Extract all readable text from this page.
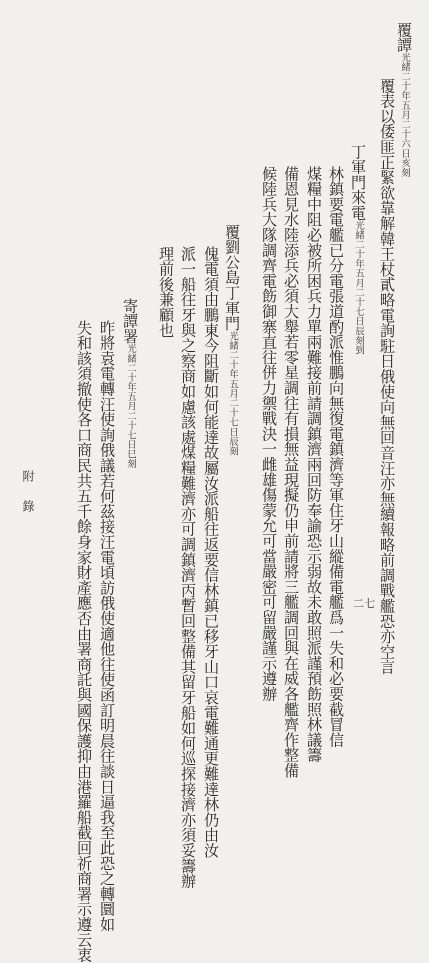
覆譚光緒二十年五月二十六日亥刻
覆表以倭匪正緊欲靠解韓王杖貳略電詢駐日俄使向無回音汪亦無續報略前調戰艦恐亦空言
丁軍門來電光緒二十年五月二十七日辰刻到
林鎮要電艦已分電張道酌派惟鵬向無復電鎮濟等軍住牙山縱備電艦爲一失和必要截冒信
煤糧中阻必被所困兵力單兩難接前請調鎮濟兩回防奉諭恐示弱故未敢照派謹預飭照林議籌
備恩見水陸添兵必須大舉若零星調往有損無益現擬仍申前請將三艦調回與在威各艦齊作整備
候陸兵大隊調齊電飭御寨直往併力禦戰決一雌雄傷蒙允可當嚴密可留嚴謹示遵辦
覆劉公島丁軍門光緒二十年五月二十七日辰刻
傀電須由鵬東今阻斷如何能達故屬汝派船往返要信林鎮已移牙山口哀電難通更難達林仍由汝
派一船往牙與之察商如慮該處煤糧難濟亦可調鎮濟丙暫回整備其留牙船如何巡探接濟亦須妥籌辦
理前後兼顧也
寄譚署光緒二十年五月二十七日巳刻
昨將袁電轉汪使詢俄議若何茲接汪電頃訪俄使適他往使函訂明晨往談日逼我至此恐之轉圜如
失和該須撤使各口商民共五千餘身家財產應否由署商託與國保護抑由港羅船截回祈商署示遵云衷
附錄
二七
